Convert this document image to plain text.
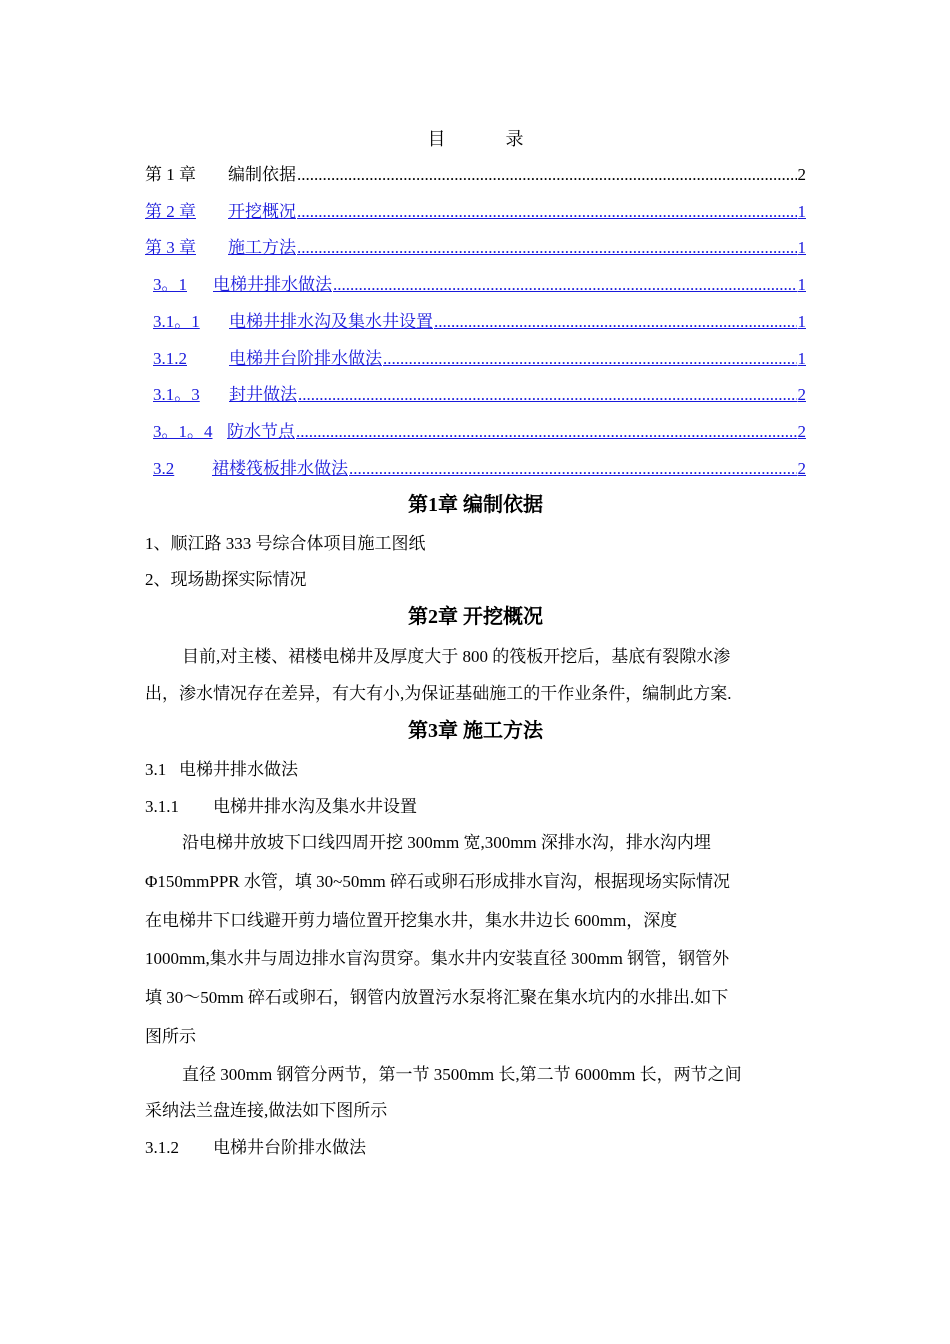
目	录
第 1 章	编制依据 .....	2
第 2 章	开挖概况 .....	1
第 3 章	施工方法 .....	1
3。1	电梯井排水做法 .....	1
3.1。1	电梯井排水沟及集水井设置 .....	1
3.1.2	电梯井台阶排水做法 .....	1
3.1。3	封井做法 .....	2
3。1。4 防水节点 .....	2
3.2	裙楼筏板排水做法 .....	2
第1章 编制依据
1、顺江路 333 号综合体项目施工图纸
2、现场勘探实际情况
第2章 开挖概况
目前,对主楼、裙楼电梯井及厚度大于 800 的筏板开挖后，基底有裂隙水渗
出，渗水情况存在差异，有大有小,为保证基础施工的干作业条件，编制此方案.
第3章 施工方法
3.1 电梯井排水做法
3.1.1 电梯井排水沟及集水井设置
沿电梯井放坡下口线四周开挖 300mm 宽,300mm 深排水沟，排水沟内埋
Φ150mmPPR 水管，填 30~50mm 碎石或卵石形成排水盲沟，根据现场实际情况
在电梯井下口线避开剪力墙位置开挖集水井，集水井边长 600mm，深度
1000mm,集水井与周边排水盲沟贯穿。集水井内安装直径 300mm 钢管，钢管外
填 30～50mm 碎石或卵石，钢管内放置污水泵将汇聚在集水坑内的水排出.如下
图所示
直径 300mm 钢管分两节，第一节 3500mm 长,第二节 6000mm 长，两节之间
采纳法兰盘连接,做法如下图所示
3.1.2 电梯井台阶排水做法
